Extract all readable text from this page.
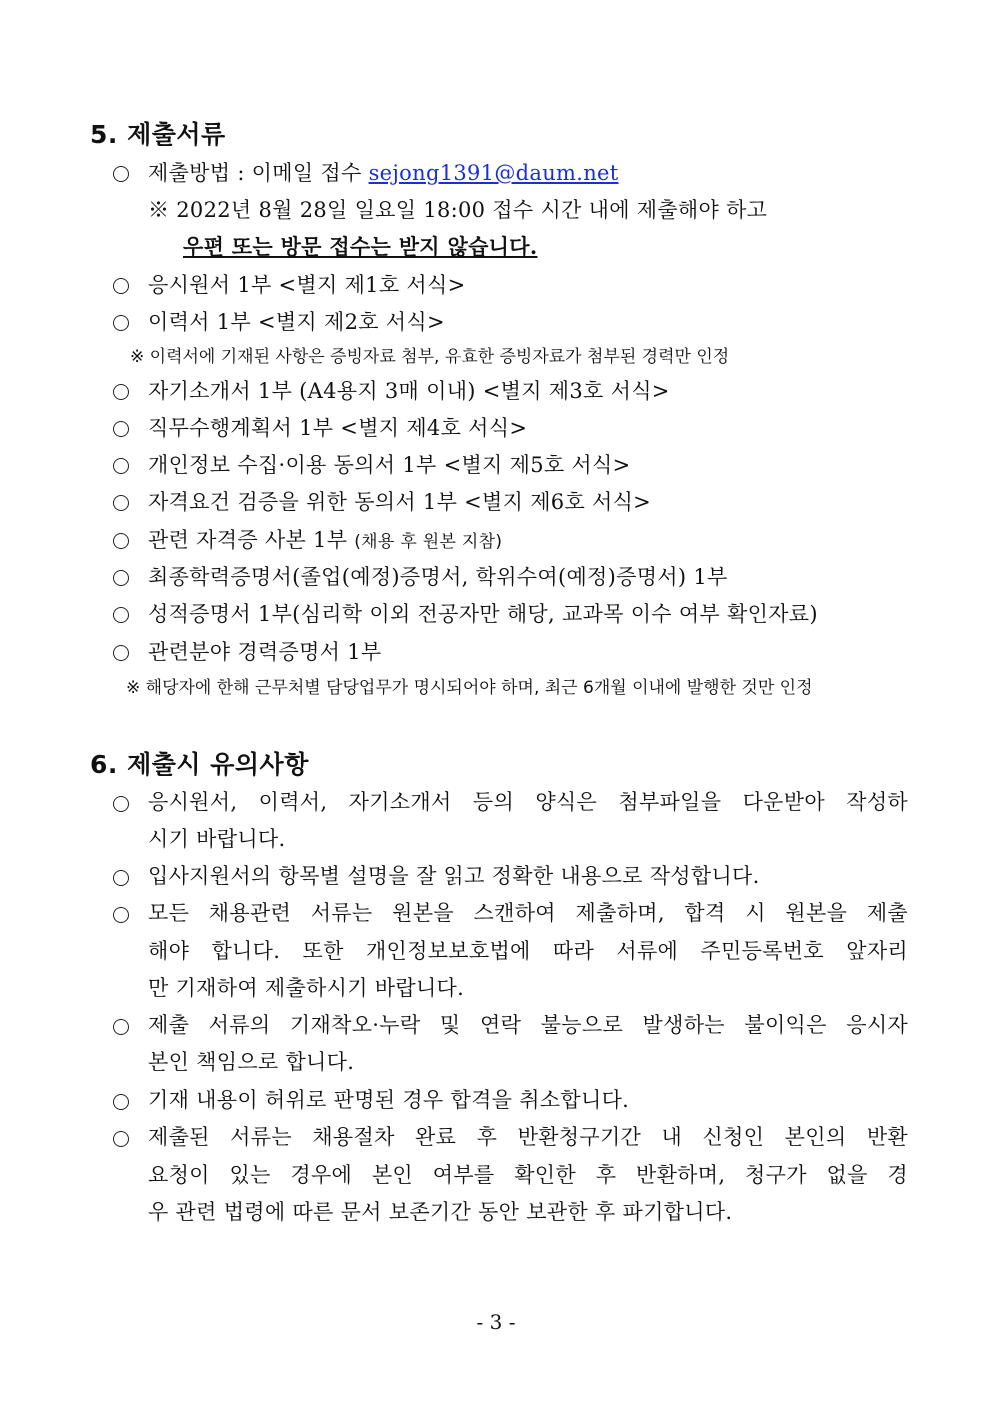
5. 제출서류
제출방법 : 이메일 접수 sejong1391@daum.net
※ 2022년 8월 28일 일요일 18:00 접수 시간 내에 제출해야 하고
우편 또는 방문 접수는 받지 않습니다.
응시원서 1부 <별지 제1호 서식>
이력서 1부 <별지 제2호 서식>
※ 이력서에 기재된 사항은 증빙자료 첨부, 유효한 증빙자료가 첨부된 경력만 인정
자기소개서 1부 (A4용지 3매 이내) <별지 제3호 서식>
직무수행계획서 1부 <별지 제4호 서식>
개인정보 수집·이용 동의서 1부 <별지 제5호 서식>
자격요건 검증을 위한 동의서 1부 <별지 제6호 서식>
관련 자격증 사본 1부 (채용 후 원본 지참)
최종학력증명서(졸업(예정)증명서, 학위수여(예정)증명서) 1부
성적증명서 1부(심리학 이외 전공자만 해당, 교과목 이수 여부 확인자료)
관련분야 경력증명서 1부
※ 해당자에 한해 근무처별 담당업무가 명시되어야 하며, 최근 6개월 이내에 발행한 것만 인정
6. 제출시 유의사항
응시원서, 이력서, 자기소개서 등의 양식은 첨부파일을 다운받아 작성하
시기 바랍니다.
입사지원서의 항목별 설명을 잘 읽고 정확한 내용으로 작성합니다.
모든 채용관련 서류는 원본을 스캔하여 제출하며, 합격 시 원본을 제출
해야 합니다. 또한 개인정보보호법에 따라 서류에 주민등록번호 앞자리
만 기재하여 제출하시기 바랍니다.
제출 서류의 기재착오·누락 및 연락 불능으로 발생하는 불이익은 응시자
본인 책임으로 합니다.
기재 내용이 허위로 판명된 경우 합격을 취소합니다.
제출된 서류는 채용절차 완료 후 반환청구기간 내 신청인 본인의 반환
요청이 있는 경우에 본인 여부를 확인한 후 반환하며, 청구가 없을 경
우 관련 법령에 따른 문서 보존기간 동안 보관한 후 파기합니다.
- 3 -
